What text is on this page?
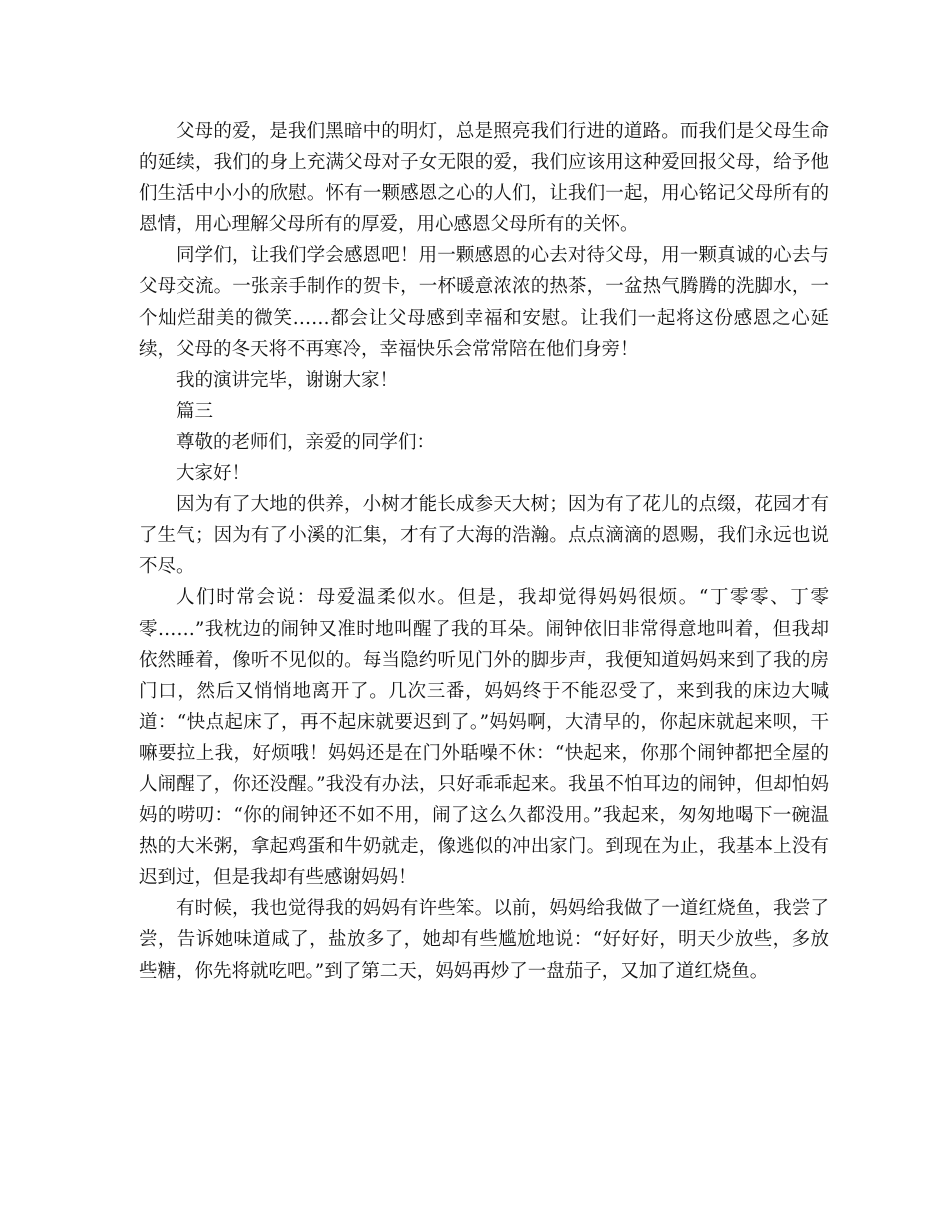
父母的爱，是我们黑暗中的明灯，总是照亮我们行进的道路。而我们是父母生命的延续，我们的身上充满父母对子女无限的爱，我们应该用这种爱回报父母，给予他们生活中小小的欣慰。怀有一颗感恩之心的人们，让我们一起，用心铭记父母所有的恩情，用心理解父母所有的厚爱，用心感恩父母所有的关怀。

同学们，让我们学会感恩吧！用一颗感恩的心去对待父母，用一颗真诚的心去与父母交流。一张亲手制作的贺卡，一杯暖意浓浓的热茶，一盆热气腾腾的洗脚水，一个灿烂甜美的微笑……都会让父母感到幸福和安慰。让我们一起将这份感恩之心延续，父母的冬天将不再寒冷，幸福快乐会常常陪在他们身旁！

我的演讲完毕，谢谢大家！

篇三

尊敬的老师们，亲爱的同学们：

大家好！

因为有了大地的供养，小树才能长成参天大树；因为有了花儿的点缀，花园才有了生气；因为有了小溪的汇集，才有了大海的浩瀚。点点滴滴的恩赐，我们永远也说不尽。

人们时常会说：母爱温柔似水。但是，我却觉得妈妈很烦。“丁零零、丁零零……”我枕边的闹钟又准时地叫醒了我的耳朵。闹钟依旧非常得意地叫着，但我却依然睡着，像听不见似的。每当隐约听见门外的脚步声，我便知道妈妈来到了我的房门口，然后又悄悄地离开了。几次三番，妈妈终于不能忍受了，来到我的床边大喊道：“快点起床了，再不起床就要迟到了。”妈妈啊，大清早的，你起床就起来呗，干嘛要拉上我，好烦哦！妈妈还是在门外聒噪不休：“快起来，你那个闹钟都把全屋的人闹醒了，你还没醒。”我没有办法，只好乖乖起来。我虽不怕耳边的闹钟，但却怕妈妈的唠叨：“你的闹钟还不如不用，闹了这么久都没用。”我起来，匆匆地喝下一碗温热的大米粥，拿起鸡蛋和牛奶就走，像逃似的冲出家门。到现在为止，我基本上没有迟到过，但是我却有些感谢妈妈！

有时候，我也觉得我的妈妈有许些笨。以前，妈妈给我做了一道红烧鱼，我尝了尝，告诉她味道咸了，盐放多了，她却有些尴尬地说：“好好好，明天少放些，多放些糖，你先将就吃吧。”到了第二天，妈妈再炒了一盘茄子，又加了道红烧鱼。
